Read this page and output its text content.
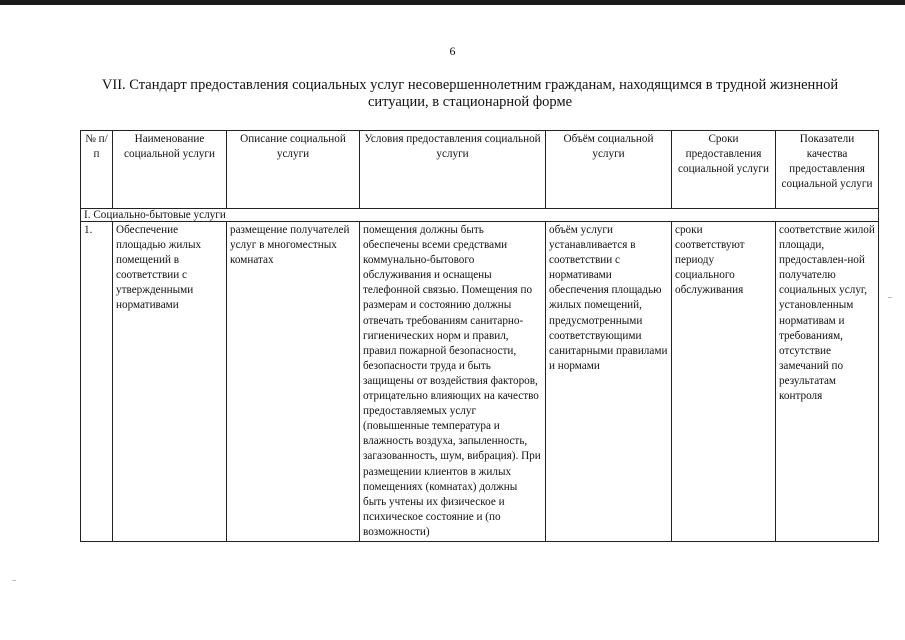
6
VII. Стандарт предоставления социальных услуг несовершеннолетним гражданам, находящимся в трудной жизненной
ситуации, в стационарной форме
№ п/п	Наименование социальной услуги	Описание социальной услуги	Условия предоставления социальной услуги	Объём социальной услуги	Сроки предоставления социальной услуги	Показатели качества предоставления социальной услуги
I. Социально-бытовые услуги						
1.	Обеспечение площадью жилых помещений в соответствии с утвержденными нормативами	размещение получателей услуг в многоместных комнатах	помещения должны быть обеспечены всеми средствами коммунально-бытового обслуживания и оснащены телефонной связью. Помещения по размерам и состоянию должны отвечать требованиям санитарно-гигиенических норм и правил, правил пожарной безопасности, безопасности труда и быть защищены от воздействия факторов, отрицательно влияющих на качество предоставляемых услуг (повышенные температура и влажность воздуха, запыленность, загазованность, шум, вибрация). При размещении клиентов в жилых помещениях (комнатах) должны быть учтены их физическое и психическое состояние и (по возможности)	объём услуги устанавливается в соответствии с нормативами обеспечения площадью жилых помещений, предусмотренными соответствующими санитарными правилами и нормами	сроки соответствуют периоду социального обслуживания	соответствие жилой площади, предоставлен-ной получателю социальных услуг, установленным нормативам и требованиям, отсутствие замечаний по результатам контроля
